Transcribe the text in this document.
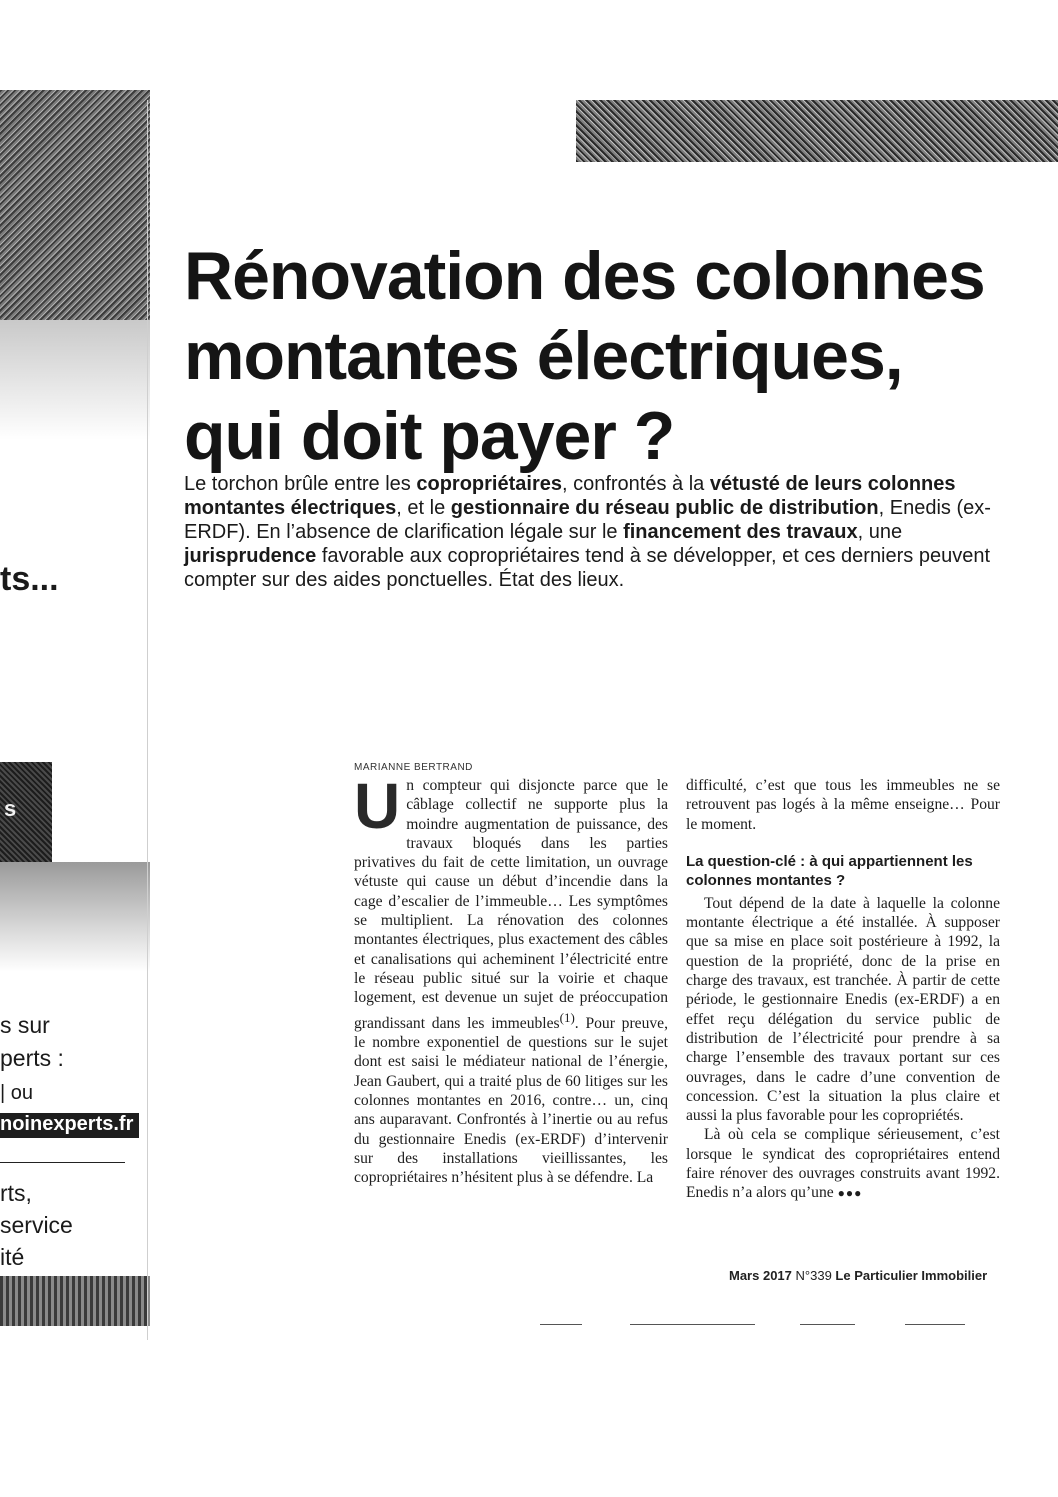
ts...
s
s sur
perts :
| ou
noinexperts.fr
rts,
service
ité
Rénovation des colonnes
montantes électriques,
qui doit payer ?

Le torchon brûle entre les copropriétaires, confrontés à la vétusté de leurs colonnes montantes électriques, et le gestionnaire du réseau public de distribution, Enedis (ex-ERDF). En l’absence de clarification légale sur le financement des travaux, une jurisprudence favorable aux copropriétaires tend à se développer, et ces derniers peuvent compter sur des aides ponctuelles. État des lieux.

MARIANNE BERTRAND
Un compteur qui disjoncte parce que le câblage collectif ne supporte plus la moindre augmentation de puissance, des travaux bloqués dans les parties privatives du fait de cette limitation, un ouvrage vétuste qui cause un début d’incendie dans la cage d’escalier de l’immeuble… Les symptômes se multiplient. La rénovation des colonnes montantes électriques, plus exactement des câbles et canalisations qui acheminent l’électricité entre le réseau public situé sur la voirie et chaque logement, est devenue un sujet de préoccupation grandissant dans les immeubles$^{(1)}$. Pour preuve, le nombre exponentiel de questions sur le sujet dont est saisi le médiateur national de l’énergie, Jean Gaubert, qui a traité plus de 60 litiges sur les colonnes montantes en 2016, contre… un, cinq ans auparavant. Confrontés à l’inertie ou au refus du gestionnaire Enedis (ex-ERDF) d’intervenir sur des installations vieillissantes, les copropriétaires n’hésitent plus à se défendre. La

difficulté, c’est que tous les immeubles ne se retrouvent pas logés à la même enseigne… Pour le moment.

La question-clé : à qui appartiennent les colonnes montantes ?

Tout dépend de la date à laquelle la colonne montante électrique a été installée. À supposer que sa mise en place soit postérieure à 1992, la question de la propriété, donc de la prise en charge des travaux, est tranchée. À partir de cette période, le gestionnaire Enedis (ex-ERDF) a en effet reçu délégation du service public de distribution de l’électricité pour prendre à sa charge l’ensemble des travaux portant sur ces ouvrages, dans le cadre d’une convention de concession. C’est la situation la plus claire et aussi la plus favorable pour les copropriétés.

Là où cela se complique sérieusement, c’est lorsque le syndicat des copropriétaires entend faire rénover des ouvrages construits avant 1992. Enedis n’a alors qu’une ●●●

Mars 2017 N°339 Le Particulier Immobilier
